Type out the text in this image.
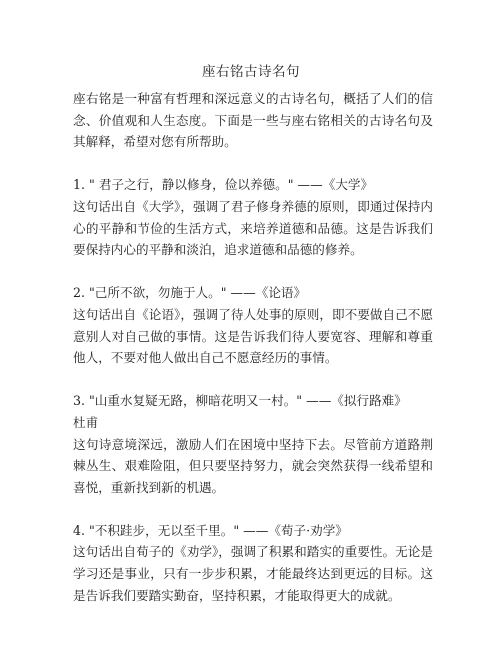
座右铭古诗名句

座右铭是一种富有哲理和深远意义的古诗名句，概括了人们的信念、价值观和人生态度。下面是一些与座右铭相关的古诗名句及其解释，希望对您有所帮助。

1. " 君子之行，静以修身，俭以养德。" ——《大学》
这句话出自《大学》，强调了君子修身养德的原则，即通过保持内心的平静和节俭的生活方式，来培养道德和品德。这是告诉我们要保持内心的平静和淡泊，追求道德和品德的修养。
2. "己所不欲，勿施于人。" ——《论语》
这句话出自《论语》，强调了待人处事的原则，即不要做自己不愿意别人对自己做的事情。这是告诉我们待人要宽容、理解和尊重他人，不要对他人做出自己不愿意经历的事情。
3. "山重水复疑无路，柳暗花明又一村。" ——《拟行路难》
杜甫
这句诗意境深远，激励人们在困境中坚持下去。尽管前方道路荆棘丛生、艰难险阻，但只要坚持努力，就会突然获得一线希望和喜悦，重新找到新的机遇。
4. "不积跬步，无以至千里。" ——《荀子·劝学》
这句话出自荀子的《劝学》，强调了积累和踏实的重要性。无论是学习还是事业，只有一步步积累，才能最终达到更远的目标。这是告诉我们要踏实勤奋，坚持积累，才能取得更大的成就。
